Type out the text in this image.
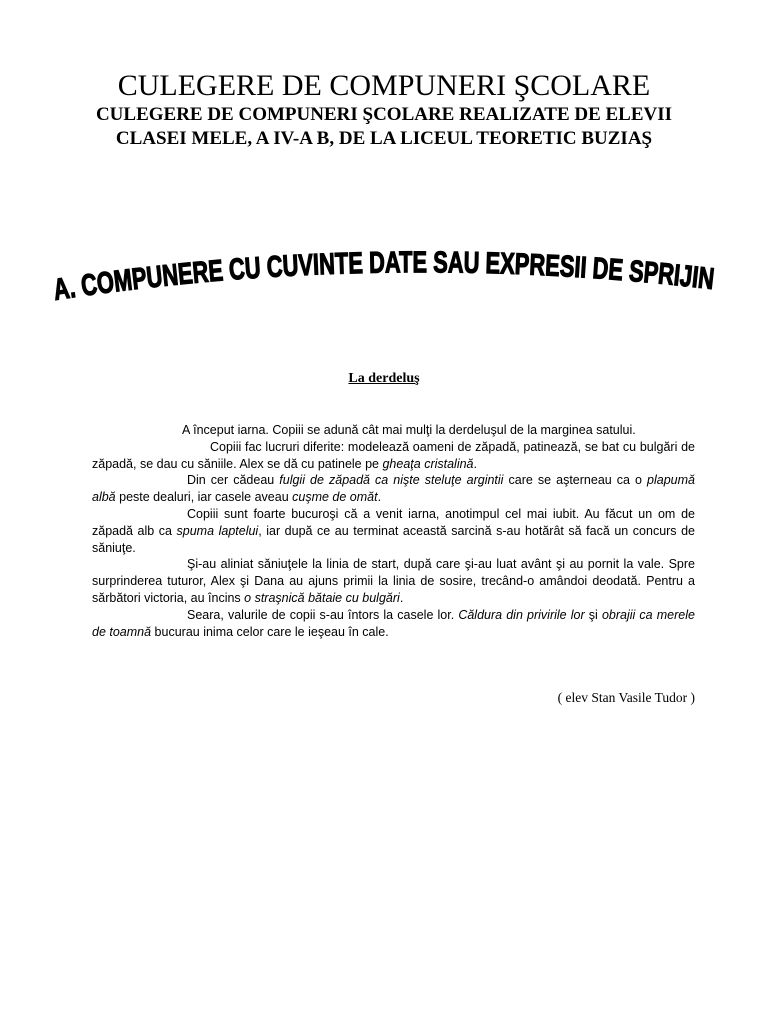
CULEGERE DE COMPUNERI ŞCOLARE
CULEGERE DE COMPUNERI ŞCOLARE REALIZATE DE ELEVII CLASEI MELE, A IV-A B, DE LA LICEUL TEORETIC BUZIAŞ
A. COMPUNERE CU CUVINTE DATE SAU EXPRESII DE SPRIJIN
La derdeluş

A început iarna. Copiii se adună cât mai mulţi la derdeluşul de la marginea satului.

Copiii fac lucruri diferite: modelează oameni de zăpadă, patinează, se bat cu bulgări de zăpadă, se dau cu săniile. Alex se dă cu patinele pe gheaţa cristalină.

Din cer cădeau fulgii de zăpadă ca nişte steluţe argintii care se aşterneau ca o plapumă albă peste dealuri, iar casele aveau cuşme de omăt.

Copiii sunt foarte bucuroşi că a venit iarna, anotimpul cel mai iubit. Au făcut un om de zăpadă alb ca spuma laptelui, iar după ce au terminat această sarcină s-au hotărât să facă un concurs de săniuţe.

Şi-au aliniat săniuţele la linia de start, după care şi-au luat avânt şi au pornit la vale. Spre surprinderea tuturor, Alex şi Dana au ajuns primii la linia de sosire, trecând-o amândoi deodată. Pentru a sărbători victoria, au încins o straşnică bătaie cu bulgări.

Seara, valurile de copii s-au întors la casele lor. Căldura din privirile lor şi obrajii ca merele de toamnă bucurau inima celor care le ieşeau în cale.

( elev Stan Vasile Tudor )
